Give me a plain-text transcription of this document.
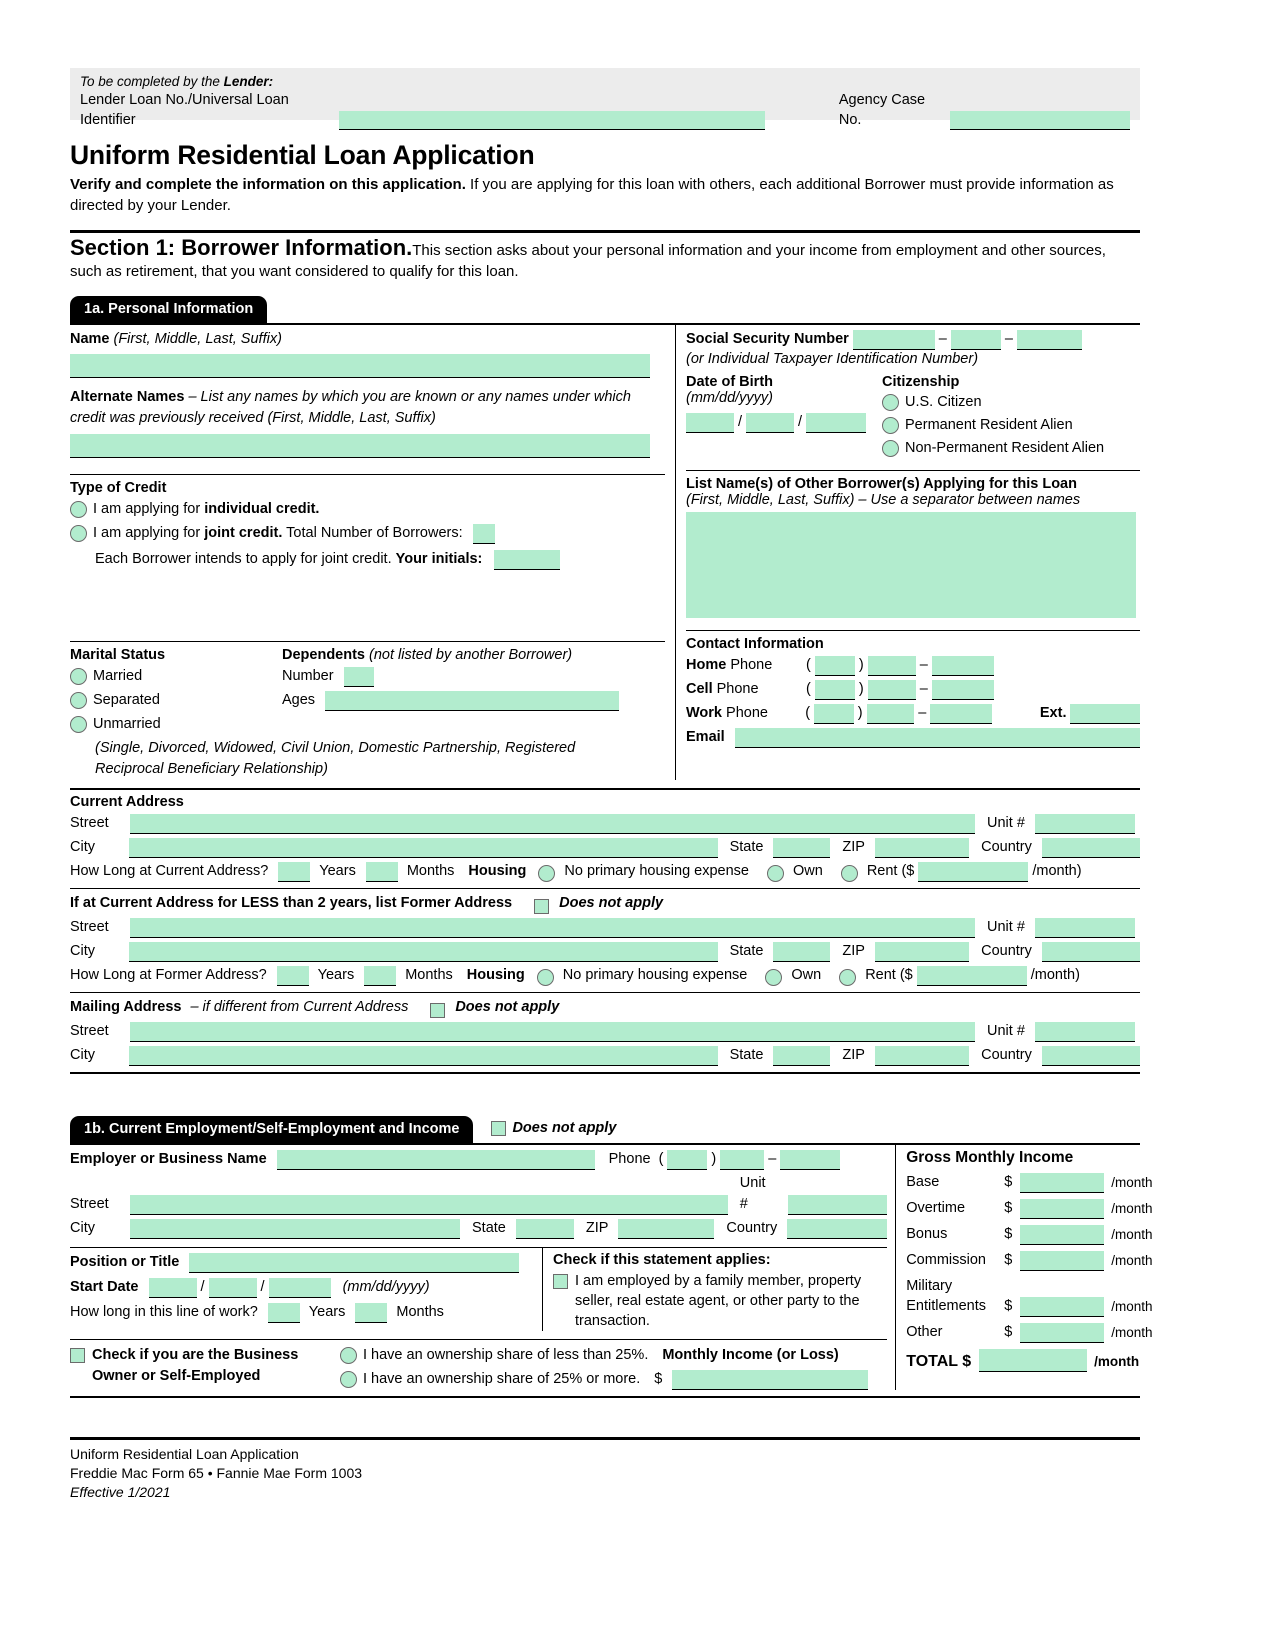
To be completed by the Lender:
Lender Loan No./Universal Loan Identifier
Agency Case No.
Uniform Residential Loan Application
Verify and complete the information on this application. If you are applying for this loan with others, each additional Borrower must provide information as directed by your Lender.
Section 1: Borrower Information.This section asks about your personal information and your income from employment and other sources, such as retirement, that you want considered to qualify for this loan.
1a. Personal Information
Name (First, Middle, Last, Suffix)
Alternate Names – List any names by which you are known or any names under which credit was previously received (First, Middle, Last, Suffix)
Type of Credit
I am applying for individual credit.
I am applying for joint credit. Total Number of Borrowers:
Each Borrower intends to apply for joint credit. Your initials:
Marital Status
Married
Separated
Unmarried
Dependents (not listed by another Borrower)
Number
Ages
(Single, Divorced, Widowed, Civil Union, Domestic Partnership, Registered Reciprocal Beneficiary Relationship)
Social Security Number	–	–
(or Individual Taxpayer Identification Number)
Date of Birth
(mm/dd/yyyy)
/	/
Citizenship
U.S. Citizen
Permanent Resident Alien
Non-Permanent Resident Alien
List Name(s) of Other Borrower(s) Applying for this Loan
(First, Middle, Last, Suffix) – Use a separator between names
Contact Information
Home Phone	(	)	–
Cell Phone	(	)	–
Work Phone	(	)	–	Ext.
Email
Current Address
Street	Unit #
City	State	ZIP	Country
How Long at Current Address?	Years	Months Housing	No primary housing expense	Own	Rent ($	/month)
If at Current Address for LESS than 2 years, list Former Address	Does not apply
Street	Unit #
City	State	ZIP	Country
How Long at Former Address?	Years	Months Housing	No primary housing expense	Own	Rent ($	/month)
Mailing Address – if different from Current Address	Does not apply
Street	Unit #
City	State	ZIP	Country
1b. Current Employment/Self-Employment and Income	Does not apply
Employer or Business Name	Phone (	)	–
Street
Unit #
City	State	ZIP	Country
Position or Title
Start Date	/	/	(mm/dd/yyyy)
How long in this line of work?	Years	Months
Check if this statement applies:
I am employed by a family member, property seller, real estate agent, or other party to the transaction.
Check if you are the Business
Owner or Self-Employed
I have an ownership share of less than 25%. Monthly Income (or Loss)
I have an ownership share of 25% or more. $
Gross Monthly Income
Base	$	/month
Overtime	$	/month
Bonus	$	/month
Commission	$	/month
Military
Entitlements	$	/month
Other	$	/month
TOTAL $	/month
Uniform Residential Loan Application
Freddie Mac Form 65 • Fannie Mae Form 1003
Effective 1/2021
